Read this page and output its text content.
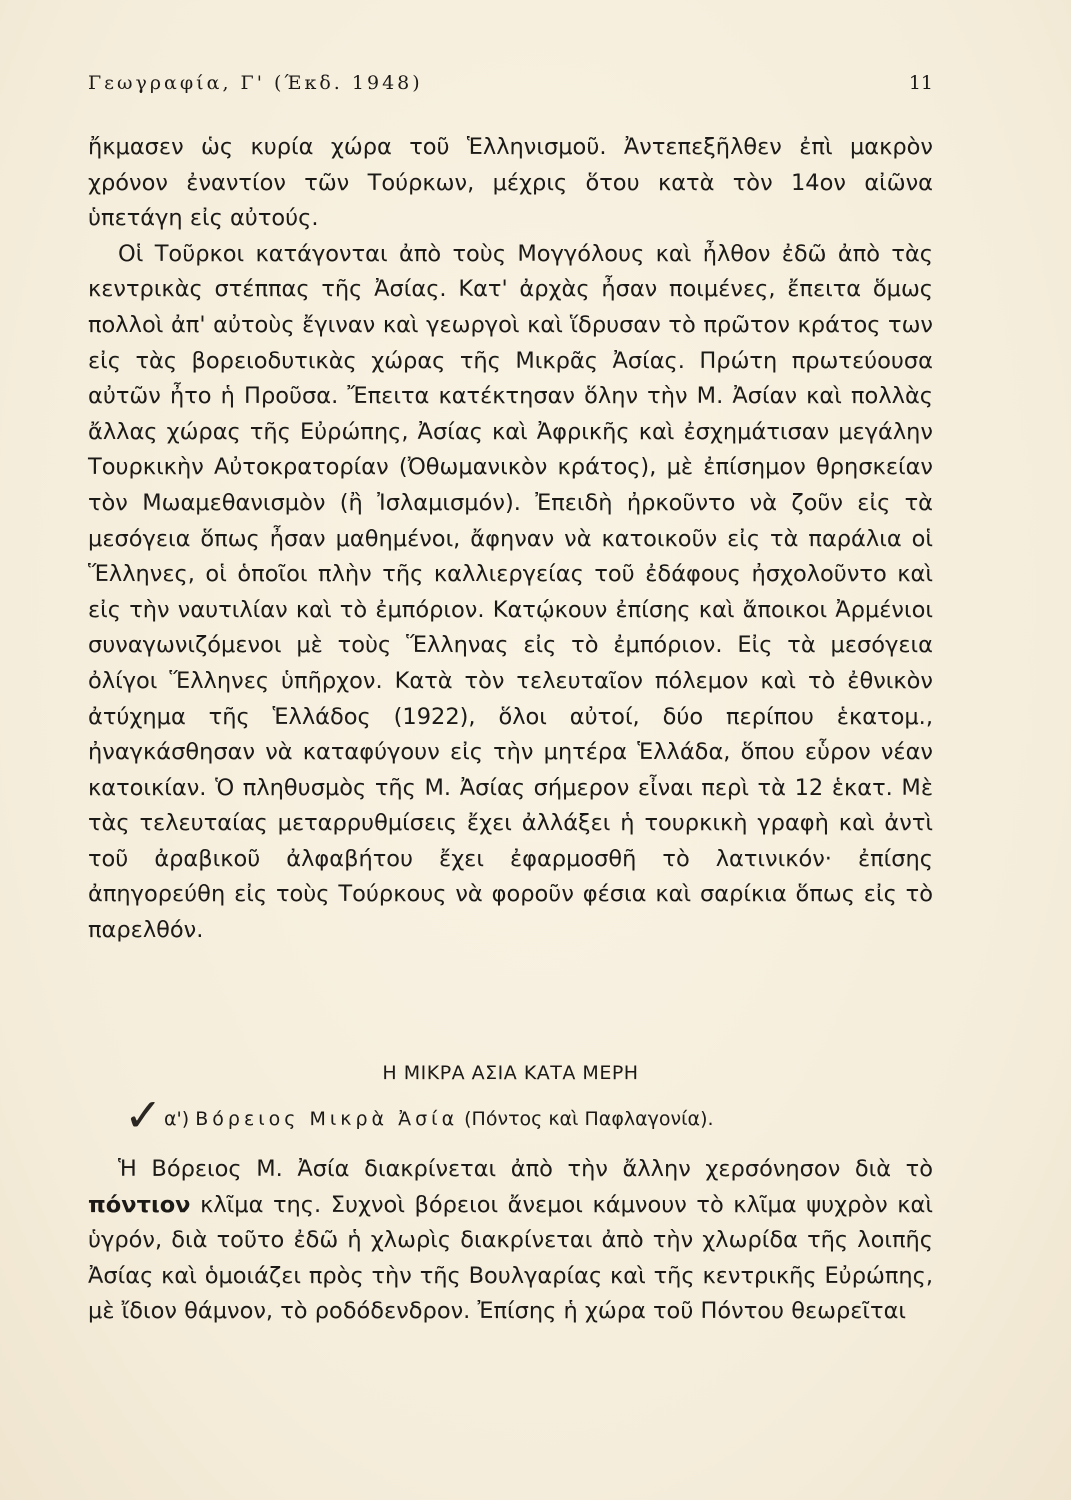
Γεωγραφία, Γ' (Έκδ. 1948)	11

ἤκμασεν ὡς κυρία χώρα τοῦ Ἑλληνισμοῦ. Ἀντεπεξῆλθεν ἐπὶ μακρὸν χρόνον ἐναντίον τῶν Τούρκων, μέχρις ὅτου κατὰ τὸν 14ον αἰῶνα ὑπετάγη εἰς αὐτούς.

Οἱ Τοῦρκοι κατάγονται ἀπὸ τοὺς Μογγόλους καὶ ἦλθον ἐδῶ ἀπὸ τὰς κεντρικὰς στέππας τῆς Ἀσίας. Κατ' ἀρχὰς ἦσαν ποιμένες, ἔπειτα ὅμως πολλοὶ ἀπ' αὐτοὺς ἔγιναν καὶ γεωργοὶ καὶ ἵδρυσαν τὸ πρῶτον κράτος των εἰς τὰς βορειοδυτικὰς χώρας τῆς Μικρᾶς Ἀσίας. Πρώτη πρωτεύουσα αὐτῶν ἦτο ἡ Προῦσα. Ἔπειτα κατέκτησαν ὅλην τὴν Μ. Ἀσίαν καὶ πολλὰς ἄλλας χώρας τῆς Εὐρώπης, Ἀσίας καὶ Ἀφρικῆς καὶ ἐσχημάτισαν μεγάλην Τουρκικὴν Αὐτοκρατορίαν (Ὀθωμανικὸν κράτος), μὲ ἐπίσημον θρησκείαν τὸν Μωαμεθανισμὸν (ἢ Ἰσλαμισμόν). Ἐπειδὴ ἠρκοῦντο νὰ ζοῦν εἰς τὰ μεσόγεια ὅπως ἦσαν μαθημένοι, ἄφηναν νὰ κατοικοῦν εἰς τὰ παράλια οἱ Ἕλληνες, οἱ ὁποῖοι πλὴν τῆς καλλιεργείας τοῦ ἐδάφους ἠσχολοῦντο καὶ εἰς τὴν ναυτιλίαν καὶ τὸ ἐμπόριον. Κατῴκουν ἐπίσης καὶ ἄποικοι Ἀρμένιοι συναγωνιζόμενοι μὲ τοὺς Ἕλληνας εἰς τὸ ἐμπόριον. Εἰς τὰ μεσόγεια ὀλίγοι Ἕλληνες ὑπῆρχον. Κατὰ τὸν τελευταῖον πόλεμον καὶ τὸ ἐθνικὸν ἀτύχημα τῆς Ἑλλάδος (1922), ὅλοι αὐτοί, δύο περίπου ἑκατομ., ἠναγκάσθησαν νὰ καταφύγουν εἰς τὴν μητέρα Ἑλλάδα, ὅπου εὗρον νέαν κατοικίαν. Ὁ πληθυσμὸς τῆς Μ. Ἀσίας σήμερον εἶναι περὶ τὰ 12 ἑκατ. Μὲ τὰς τελευταίας μεταρρυθμίσεις ἔχει ἀλλάξει ἡ τουρκικὴ γραφὴ καὶ ἀντὶ τοῦ ἀραβικοῦ ἀλφαβήτου ἔχει ἐφαρμοσθῆ τὸ λατινικόν· ἐπίσης ἀπηγορεύθη εἰς τοὺς Τούρκους νὰ φοροῦν φέσια καὶ σαρίκια ὅπως εἰς τὸ παρελθόν.

Η ΜΙΚΡΑ ΑΣΙΑ ΚΑΤΑ ΜΕΡΗ
✓ α') Βόρειος Μικρὰ Ἀσία (Πόντος καὶ Παφλαγονία).

Ἡ Βόρειος Μ. Ἀσία διακρίνεται ἀπὸ τὴν ἄλλην χερσόνησον διὰ τὸ πόντιον κλῖμα της. Συχνοὶ βόρειοι ἄνεμοι κάμνουν τὸ κλῖμα ψυχρὸν καὶ ὑγρόν, διὰ τοῦτο ἐδῶ ἡ χλωρὶς διακρίνεται ἀπὸ τὴν χλωρίδα τῆς λοιπῆς Ἀσίας καὶ ὁμοιάζει πρὸς τὴν τῆς Βουλγαρίας καὶ τῆς κεντρικῆς Εὐρώπης, μὲ ἴδιον θάμνον, τὸ ροδόδενδρον. Ἐπίσης ἡ χώρα τοῦ Πόντου θεωρεῖται
